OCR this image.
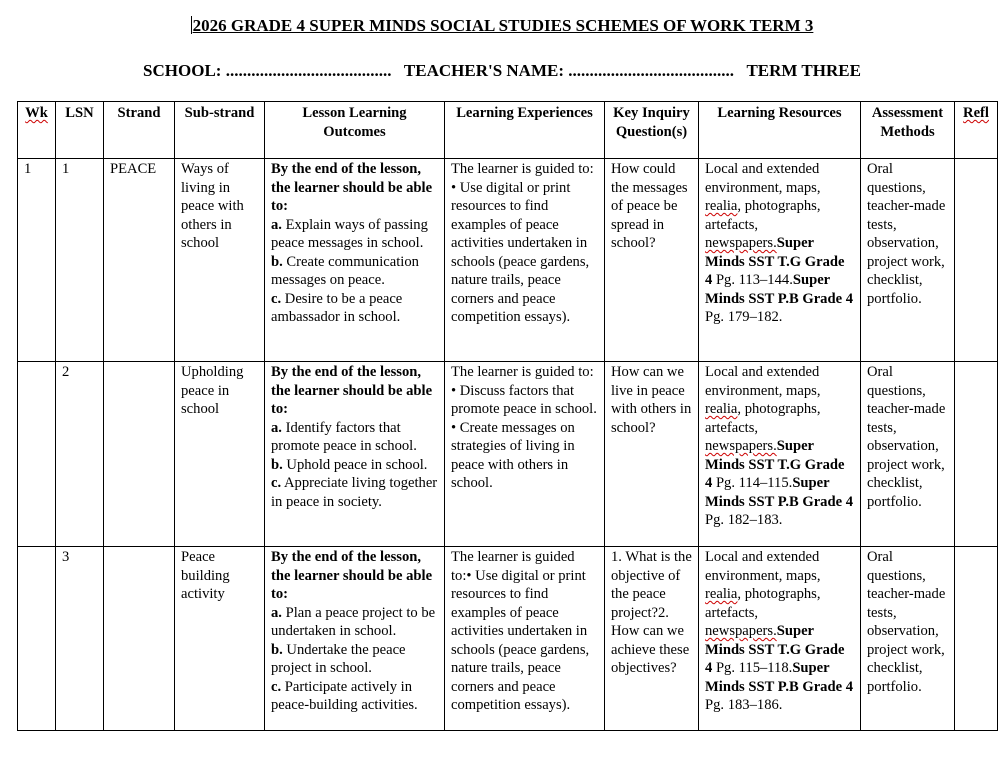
2026 GRADE 4 SUPER MINDS SOCIAL STUDIES SCHEMES OF WORK TERM 3
SCHOOL: ....................................... TEACHER'S NAME: ....................................... TERM THREE
Wk	LSN	Strand	Sub-strand	Lesson Learning Outcomes	Learning Experiences	Key Inquiry Question(s)	Learning Resources	Assessment Methods	Refl
1	1	PEACE	Ways of living in peace with others in school	By the end of the lesson, the learner should be able to:
a. Explain ways of passing peace messages in school.
b. Create communication messages on peace.
c. Desire to be a peace ambassador in school.	The learner is guided to:
• Use digital or print resources to find examples of peace activities undertaken in schools (peace gardens, nature trails, peace corners and peace competition essays).	How could the messages of peace be spread in school?	Local and extended environment, maps, realia, photographs, artefacts, newspapers.Super Minds SST T.G Grade 4 Pg. 113–144.Super Minds SST P.B Grade 4 Pg. 179–182.	Oral questions, teacher-made tests, observation, project work, checklist, portfolio.	
	2		Upholding peace in school	By the end of the lesson, the learner should be able to:
a. Identify factors that promote peace in school.
b. Uphold peace in school.
c. Appreciate living together in peace in society.	The learner is guided to:
• Discuss factors that promote peace in school.
• Create messages on strategies of living in peace with others in school.	How can we live in peace with others in school?	Local and extended environment, maps, realia, photographs, artefacts, newspapers.Super Minds SST T.G Grade 4 Pg. 114–115.Super Minds SST P.B Grade 4 Pg. 182–183.	Oral questions, teacher-made tests, observation, project work, checklist, portfolio.	
	3		Peace building activity	By the end of the lesson, the learner should be able to:
a. Plan a peace project to be undertaken in school.
b. Undertake the peace project in school.
c. Participate actively in peace-building activities.	The learner is guided to:• Use digital or print resources to find examples of peace activities undertaken in schools (peace gardens, nature trails, peace corners and peace competition essays).	1. What is the objective of the peace project?2. How can we achieve these objectives?	Local and extended environment, maps, realia, photographs, artefacts, newspapers.Super Minds SST T.G Grade 4 Pg. 115–118.Super Minds SST P.B Grade 4 Pg. 183–186.	Oral questions, teacher-made tests, observation, project work, checklist, portfolio.	
